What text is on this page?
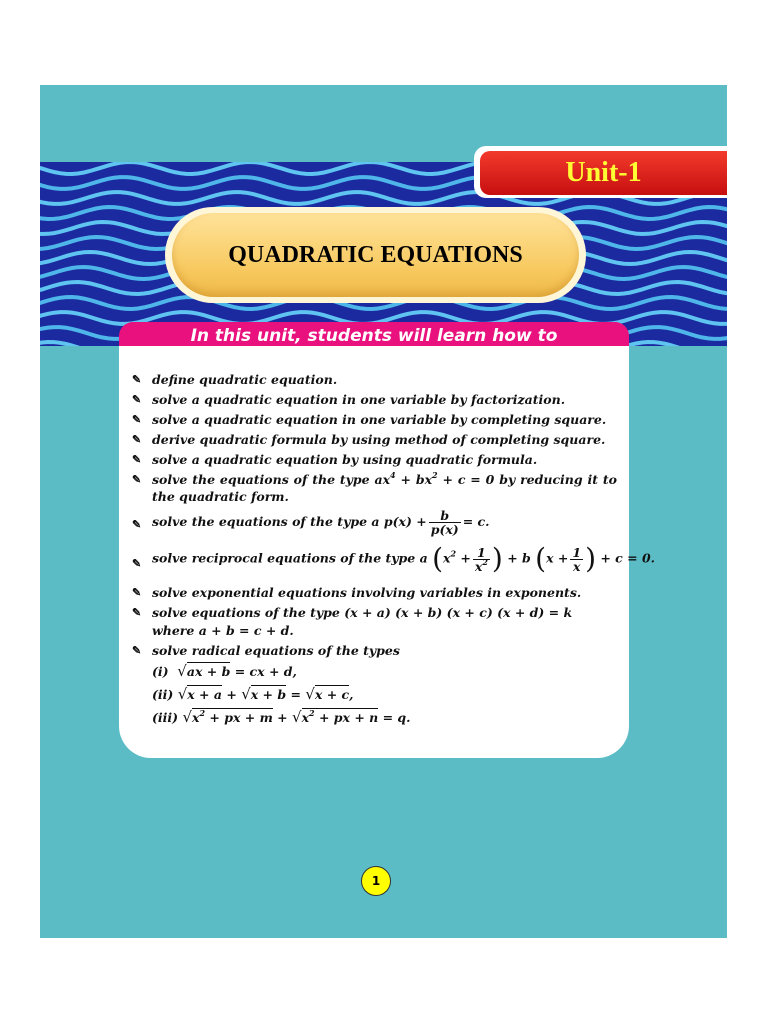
Unit-1
QUADRATIC EQUATIONS
In this unit, students will learn how to
✎ define quadratic equation.
✎ solve a quadratic equation in one variable by factorization.
✎ solve a quadratic equation in one variable by completing square.
✎ derive quadratic formula by using method of completing square.
✎ solve a quadratic equation by using quadratic formula.
✎ solve the equations of the type $ax^4 + bx^2 + c = 0$ by reducing it to the quadratic form.
✎ solve the equations of the type a $p(x) + \frac{b}{p(x)} = c$.
✎ solve reciprocal equations of the type a ($x^2 + \frac{1}{x^2}$ ) + b ($x + \frac{1}{x}$ ) + c = 0.
✎ solve exponential equations involving variables in exponents.
✎ solve equations of the type (x + a) (x + b) (x + c) (x + d) = k
where a + b = c + d.
✎ solve radical equations of the types
(i) √ax + b = cx + d,
(ii) √x + a + √x + b = √x + c,
(iii) $√x^2$ + px + $m + √x^2$ + px + n = q.
1
